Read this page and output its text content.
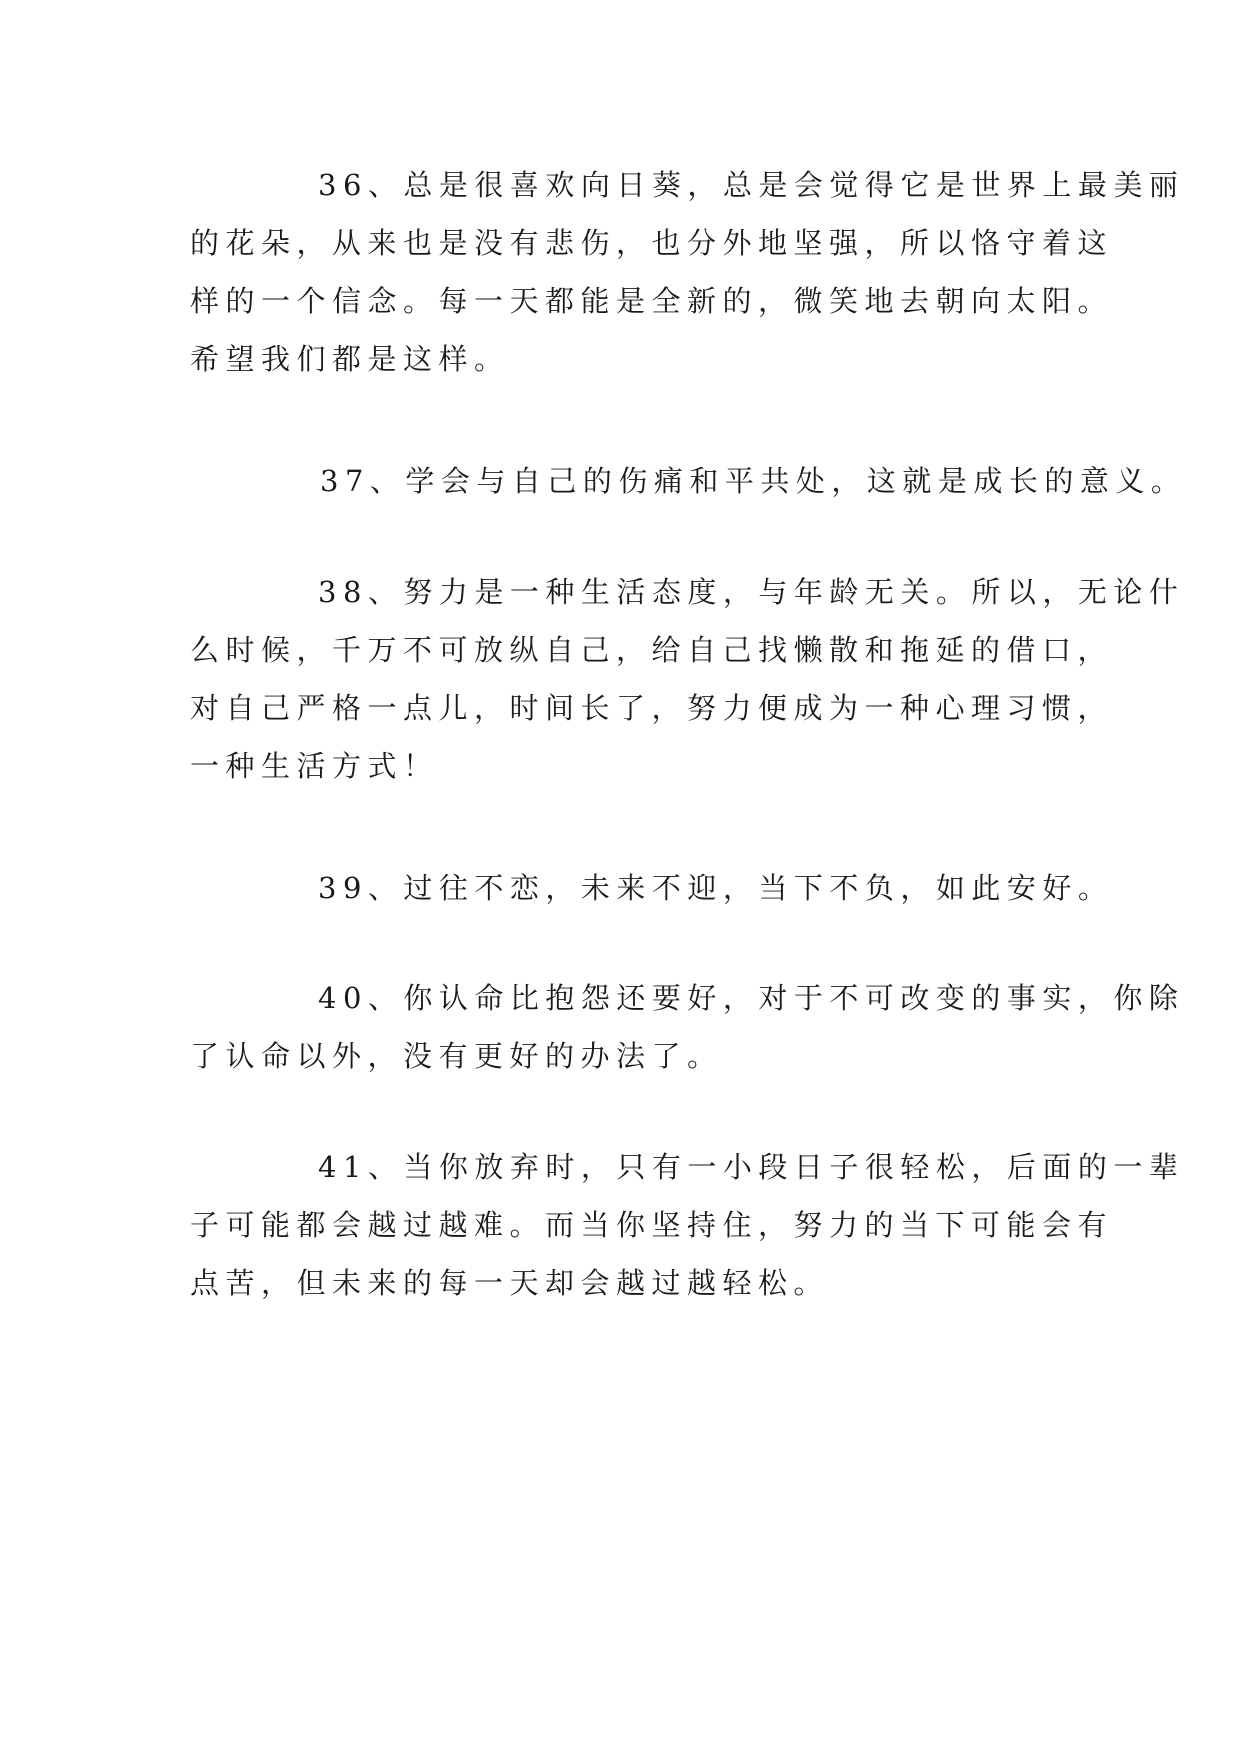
36、总是很喜欢向日葵，总是会觉得它是世界上最美丽
的花朵，从来也是没有悲伤，也分外地坚强，所以恪守着这
样的一个信念。每一天都能是全新的，微笑地去朝向太阳。
希望我们都是这样。

37、学会与自己的伤痛和平共处，这就是成长的意义。

38、努力是一种生活态度，与年龄无关。所以，无论什
么时候，千万不可放纵自己，给自己找懒散和拖延的借口，
对自己严格一点儿，时间长了，努力便成为一种心理习惯，
一种生活方式！

39、过往不恋，未来不迎，当下不负，如此安好。

40、你认命比抱怨还要好，对于不可改变的事实，你除
了认命以外，没有更好的办法了。

41、当你放弃时，只有一小段日子很轻松，后面的一辈
子可能都会越过越难。而当你坚持住，努力的当下可能会有
点苦，但未来的每一天却会越过越轻松。
